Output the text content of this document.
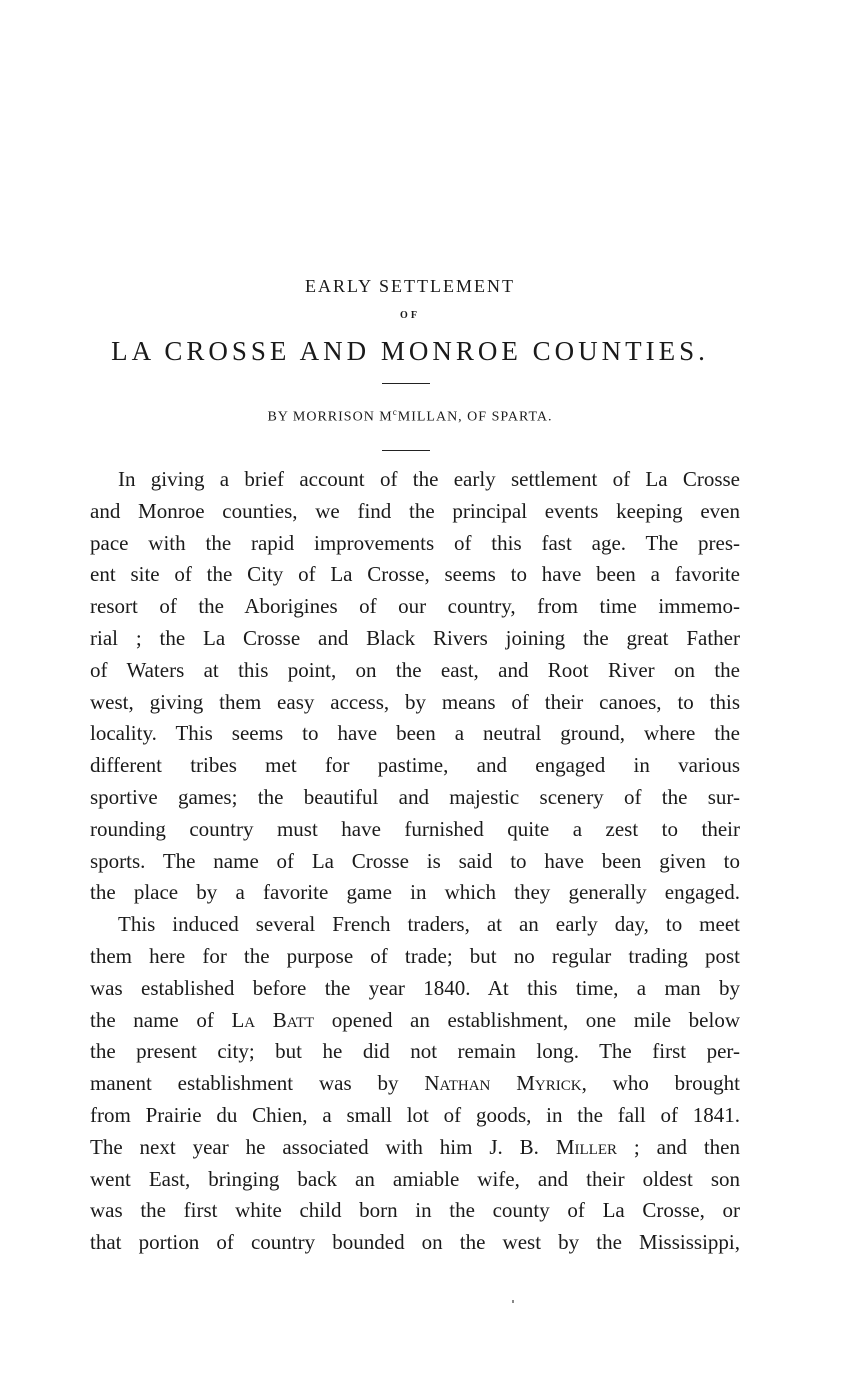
EARLY SETTLEMENT
OF
LA CROSSE AND MONROE COUNTIES.
BY MORRISON $M^cMILLAN$, OF SPARTA.

In giving a brief account of the early settlement of La Crosse
and Monroe counties, we find the principal events keeping even
pace with the rapid improvements of this fast age. The pres-
ent site of the City of La Crosse, seems to have been a favorite
resort of the Aborigines of our country, from time immemo-
rial ; the La Crosse and Black Rivers joining the great Father
of Waters at this point, on the east, and Root River on the
west, giving them easy access, by means of their canoes, to this
locality. This seems to have been a neutral ground, where the
different tribes met for pastime, and engaged in various
sportive games; the beautiful and majestic scenery of the sur-
rounding country must have furnished quite a zest to their
sports. The name of La Crosse is said to have been given to
the place by a favorite game in which they generally engaged.

This induced several French traders, at an early day, to meet
them here for the purpose of trade; but no regular trading post
was established before the year 1840. At this time, a man by
the name of La Batt opened an establishment, one mile below
the present city; but he did not remain long. The first per-
manent establishment was by Nathan Myrick, who brought
from Prairie du Chien, a small lot of goods, in the fall of 1841.
The next year he associated with him J. B. Miller ; and then
went East, bringing back an amiable wife, and their oldest son
was the first white child born in the county of La Crosse, or
that portion of country bounded on the west by the Mississippi,
